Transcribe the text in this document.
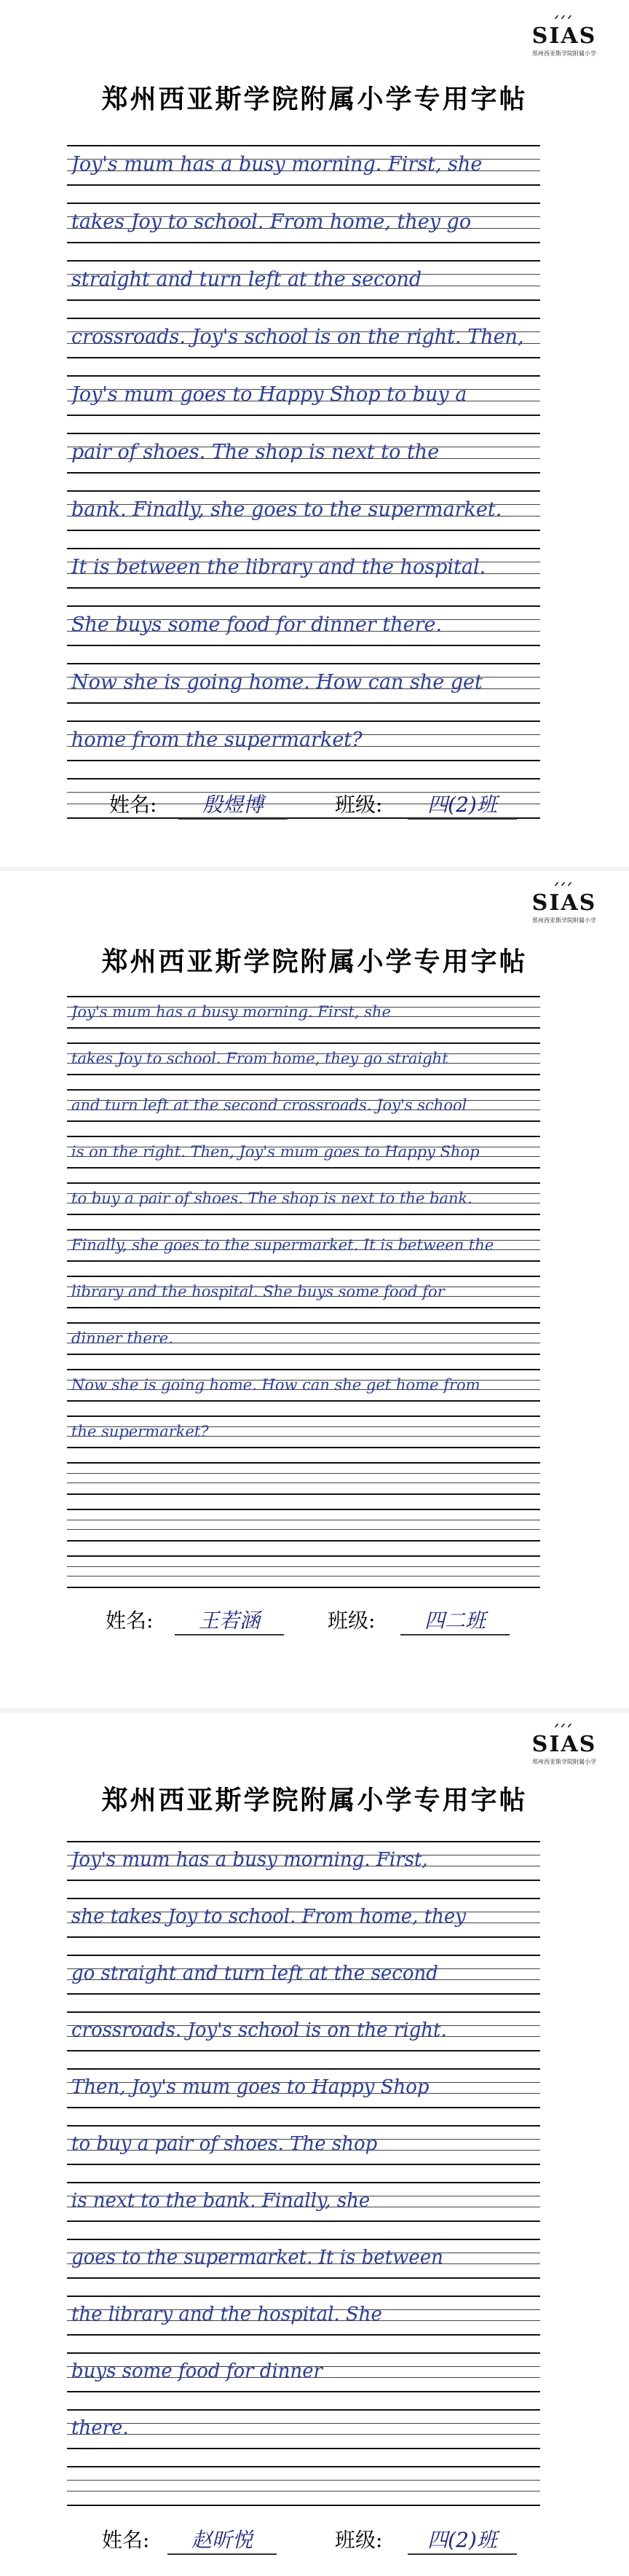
ᐟᐟᐟ
SIAS
郑州西亚斯学院附属小学
郑州西亚斯学院附属小学专用字帖
Joy's mum has a busy morning. First, she
takes Joy to school. From home, they go
straight and turn left at the second
crossroads. Joy's school is on the right. Then,
Joy's mum goes to Happy Shop to buy a
pair of shoes. The shop is next to the
bank. Finally, she goes to the supermarket.
It is between the library and the hospital.
She buys some food for dinner there.
Now she is going home. How can she get
home from the supermarket?
姓名:	殷煜博	班级:	四(2)班
ᐟᐟᐟ
SIAS
郑州西亚斯学院附属小学
郑州西亚斯学院附属小学专用字帖
Joy's mum has a busy morning. First, she
takes Joy to school. From home, they go straight
and turn left at the second crossroads. Joy's school
is on the right. Then, Joy's mum goes to Happy Shop
to buy a pair of shoes. The shop is next to the bank.
Finally, she goes to the supermarket. It is between the
library and the hospital. She buys some food for
dinner there.
Now she is going home. How can she get home from
the supermarket?
姓名:	王若涵	班级:	四二班
ᐟᐟᐟ
SIAS
郑州西亚斯学院附属小学
郑州西亚斯学院附属小学专用字帖
Joy's mum has a busy morning. First,
she takes Joy to school. From home, they
go straight and turn left at the second
crossroads. Joy's school is on the right.
Then, Joy's mum goes to Happy Shop
to buy a pair of shoes. The shop
is next to the bank. Finally, she
goes to the supermarket. It is between
the library and the hospital. She
buys some food for dinner
there.
姓名:	赵昕悦	班级:	四(2)班
